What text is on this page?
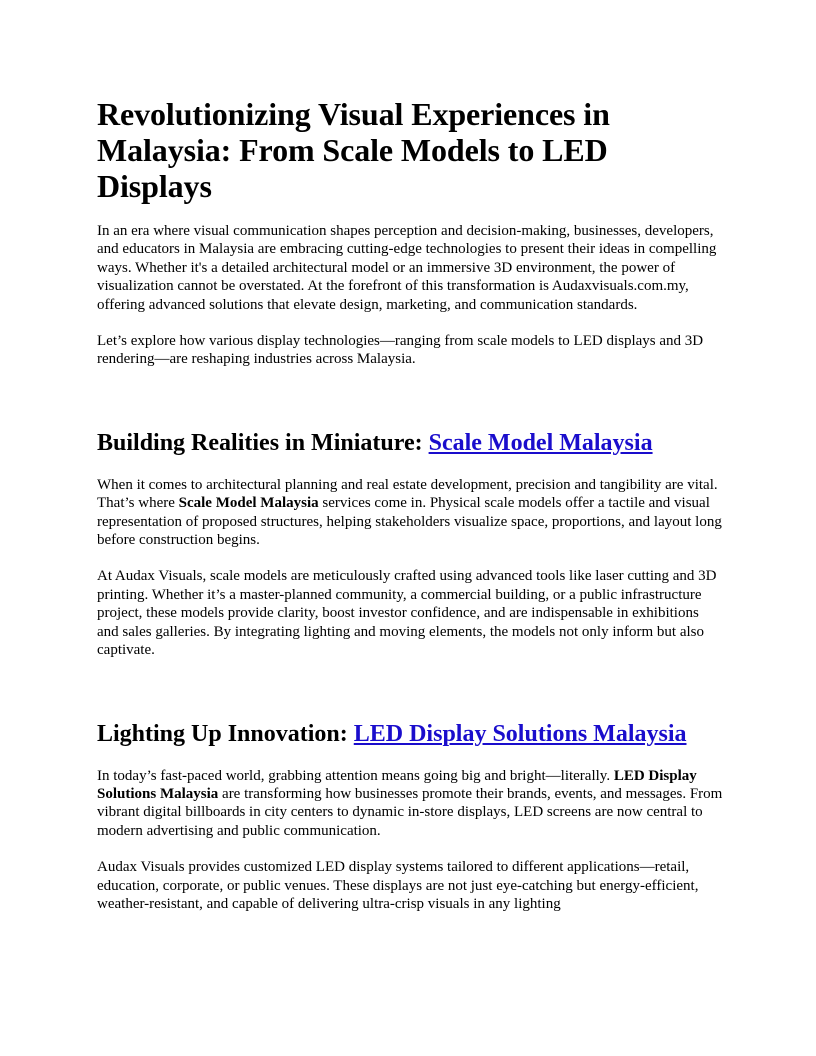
Revolutionizing Visual Experiences in Malaysia: From Scale Models to LED Displays

In an era where visual communication shapes perception and decision-making, businesses, developers, and educators in Malaysia are embracing cutting-edge technologies to present their ideas in compelling ways. Whether it's a detailed architectural model or an immersive 3D environment, the power of visualization cannot be overstated. At the forefront of this transformation is Audaxvisuals.com.my, offering advanced solutions that elevate design, marketing, and communication standards.

Let’s explore how various display technologies—ranging from scale models to LED displays and 3D rendering—are reshaping industries across Malaysia.

Building Realities in Miniature: Scale Model Malaysia

When it comes to architectural planning and real estate development, precision and tangibility are vital. That’s where Scale Model Malaysia services come in. Physical scale models offer a tactile and visual representation of proposed structures, helping stakeholders visualize space, proportions, and layout long before construction begins.

At Audax Visuals, scale models are meticulously crafted using advanced tools like laser cutting and 3D printing. Whether it’s a master-planned community, a commercial building, or a public infrastructure project, these models provide clarity, boost investor confidence, and are indispensable in exhibitions and sales galleries. By integrating lighting and moving elements, the models not only inform but also captivate.

Lighting Up Innovation: LED Display Solutions Malaysia

In today’s fast-paced world, grabbing attention means going big and bright—literally. LED Display Solutions Malaysia are transforming how businesses promote their brands, events, and messages. From vibrant digital billboards in city centers to dynamic in-store displays, LED screens are now central to modern advertising and public communication.

Audax Visuals provides customized LED display systems tailored to different applications—retail, education, corporate, or public venues. These displays are not just eye-catching but energy-efficient, weather-resistant, and capable of delivering ultra-crisp visuals in any lighting
